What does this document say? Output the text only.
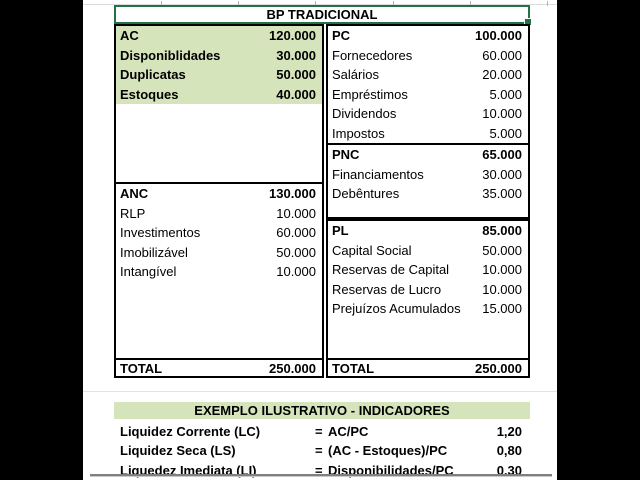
BP TRADICIONAL
AC	120.000
Disponiblidades	30.000
Duplicatas	50.000
Estoques	40.000
ANC	130.000
RLP	10.000
Investimentos	60.000
Imobilizável	50.000
Intangível	10.000
TOTAL	250.000
PC	100.000
Fornecedores	60.000
Salários	20.000
Empréstimos	5.000
Dividendos	10.000
Impostos	5.000
PNC	65.000
Financiamentos	30.000
Debêntures	35.000
PL	85.000
Capital Social	50.000
Reservas de Capital	10.000
Reservas de Lucro	10.000
Prejuízos Acumulados 15.000
TOTAL	250.000
EXEMPLO ILUSTRATIVO - INDICADORES
Liquidez Corrente (LC)	= AC/PC	1,20
Liquidez Seca (LS)	= (AC - Estoques)/PC	0,80
Liquedez Imediata (LI)	= Disponibilidades/PC	0,30
